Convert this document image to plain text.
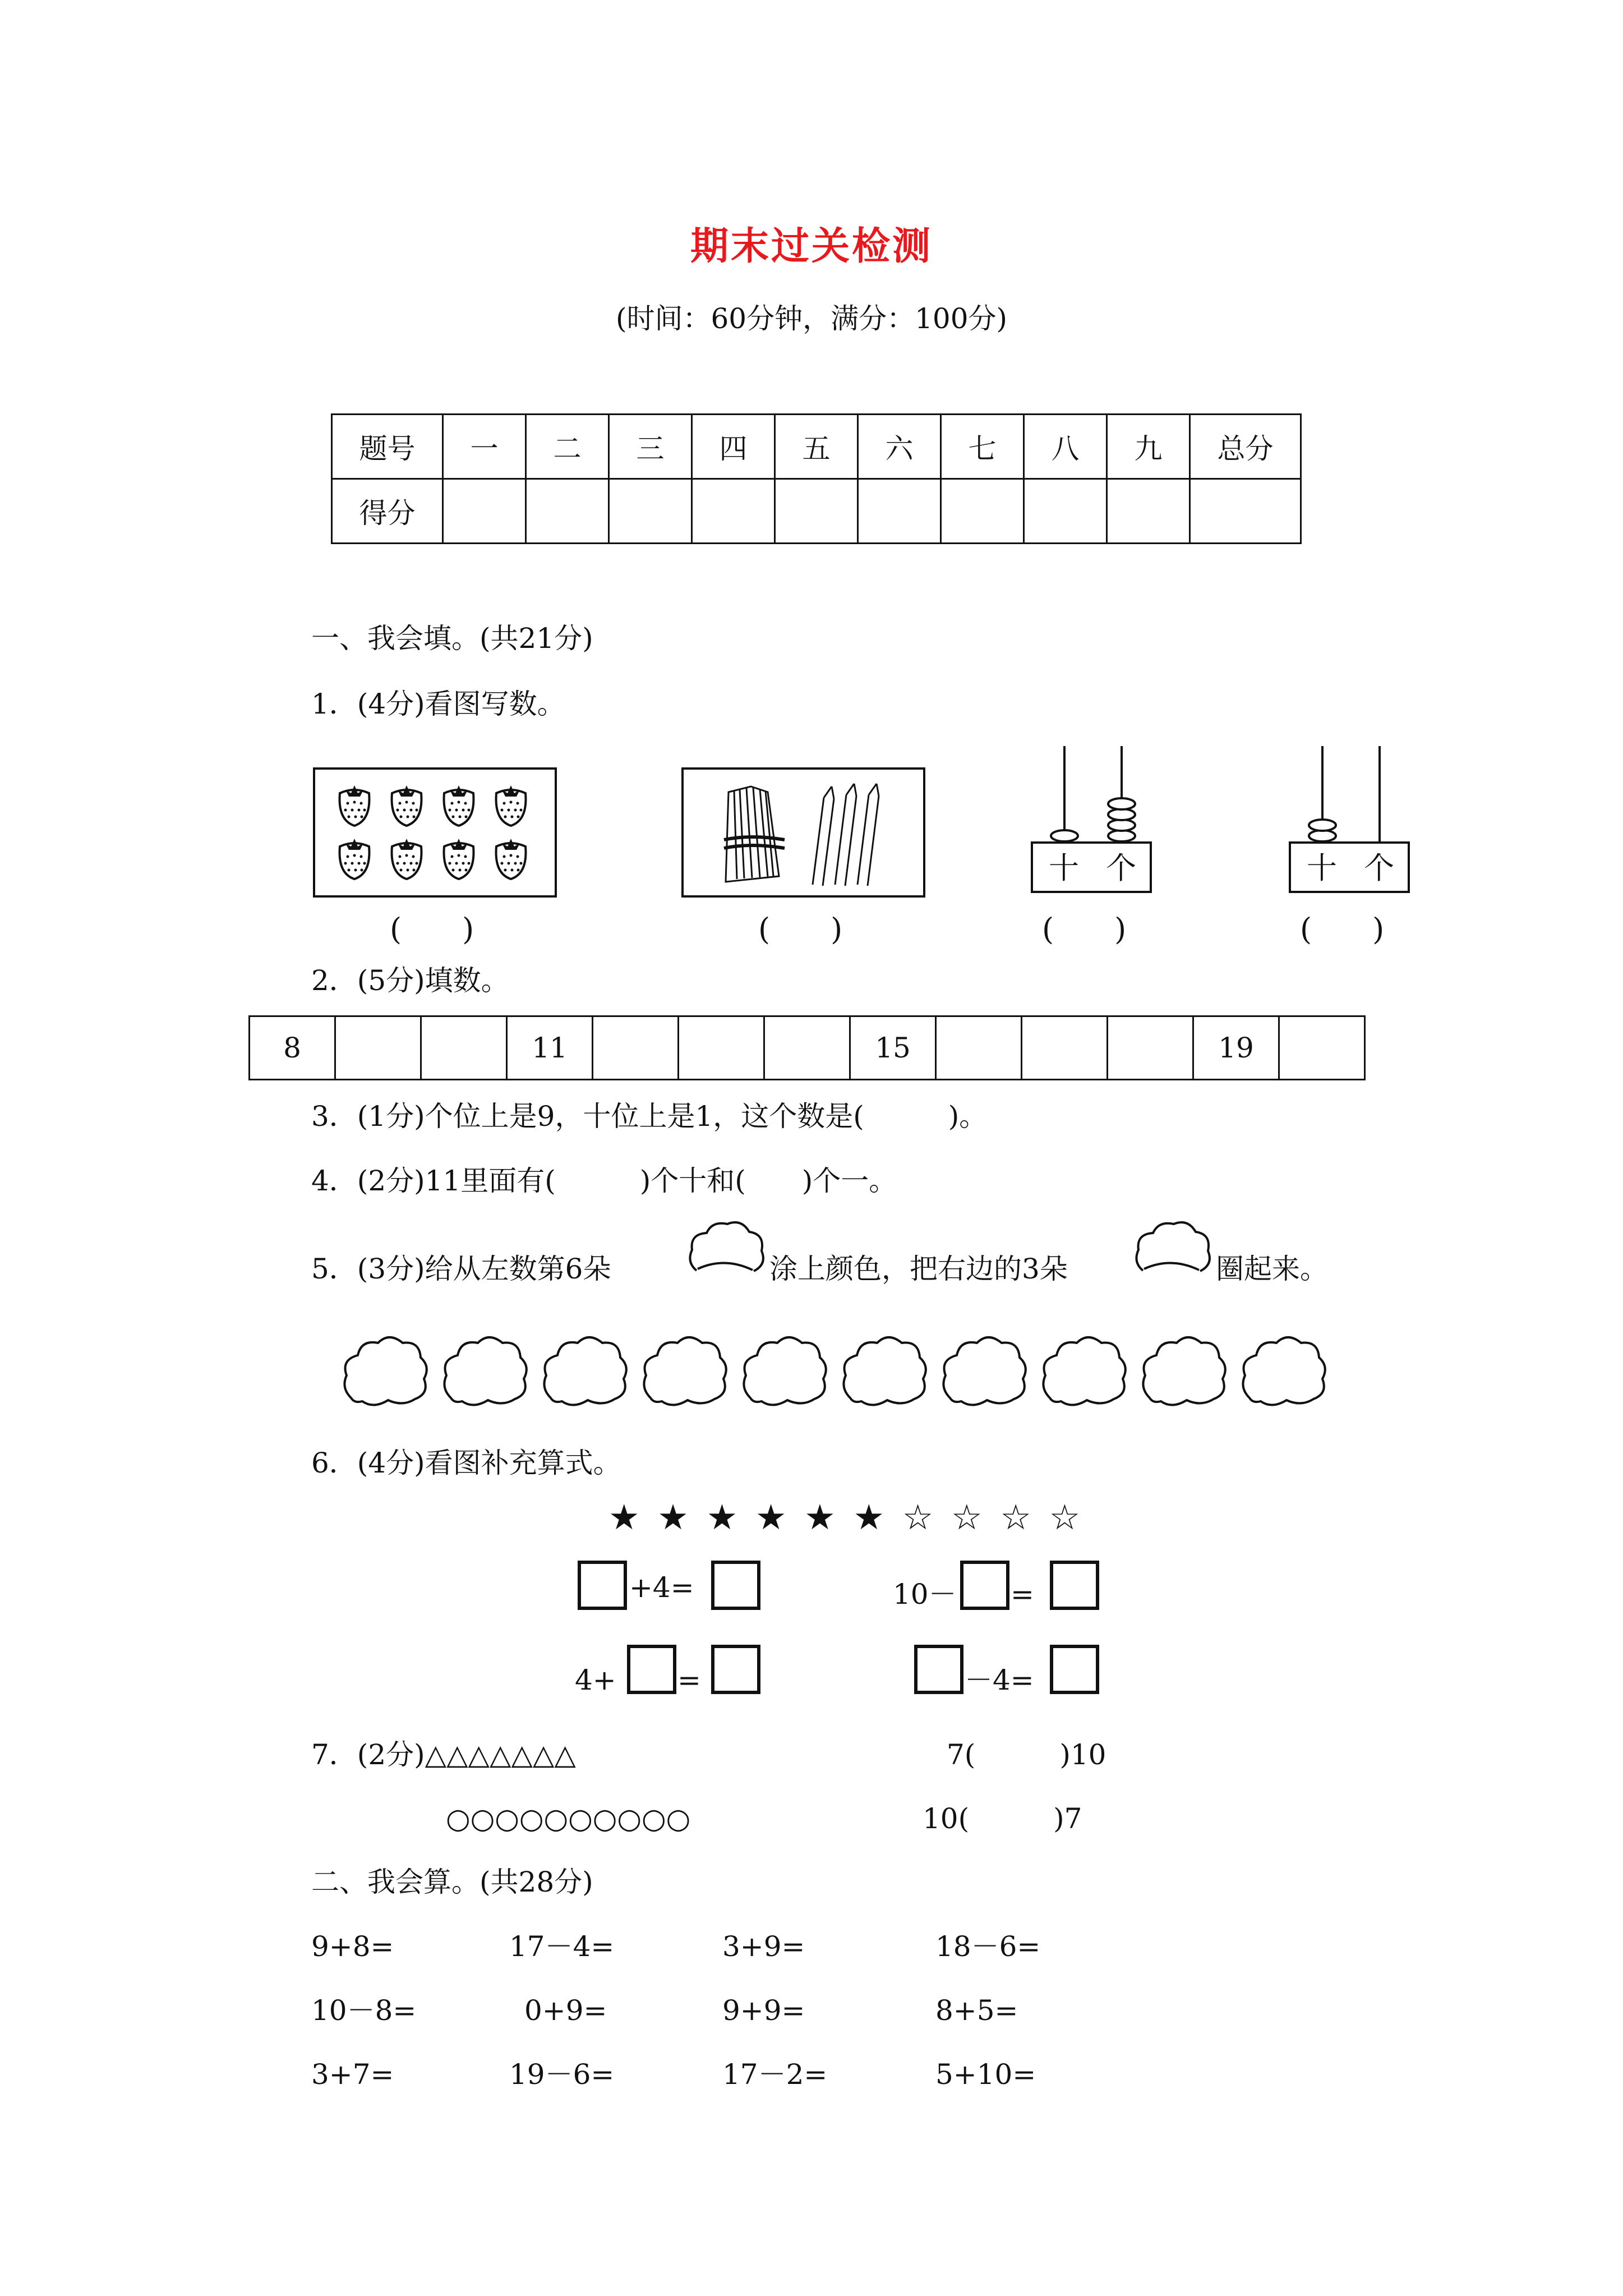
期末过关检测
(时间：60分钟，满分：100分)
题号	一	二	三	四	五	六	七	八	九	总分
得分										
一、我会填。(共21分)
1．(4分)看图写数。
(　　)	(　　)
十 个
(　　)
十 个
(　　)
2．(5分)填数。
8			11				15				19	
3．(1分)个位上是9，十位上是1，这个数是(　　　)。
4．(2分)11里面有(　　　)个十和(　　)个一。
5．(3分)给从左数第6朵	涂上颜色，把右边的3朵	圈起来。
6．(4分)看图补充算式。
★ ★ ★ ★ ★ ★ ☆ ☆ ☆ ☆
+4=	10－ =
4+ =	－4=
7．(2分)△△△△△△△	7(　　　)10
○○○○○○○○○○	10(　　　)7
二、我会算。(共28分)
9+8=	17－4=	3+9=	18－6=
10－8=	0+9=	9+9=	8+5=
3+7=	19－6=	17－2=	5+10=
